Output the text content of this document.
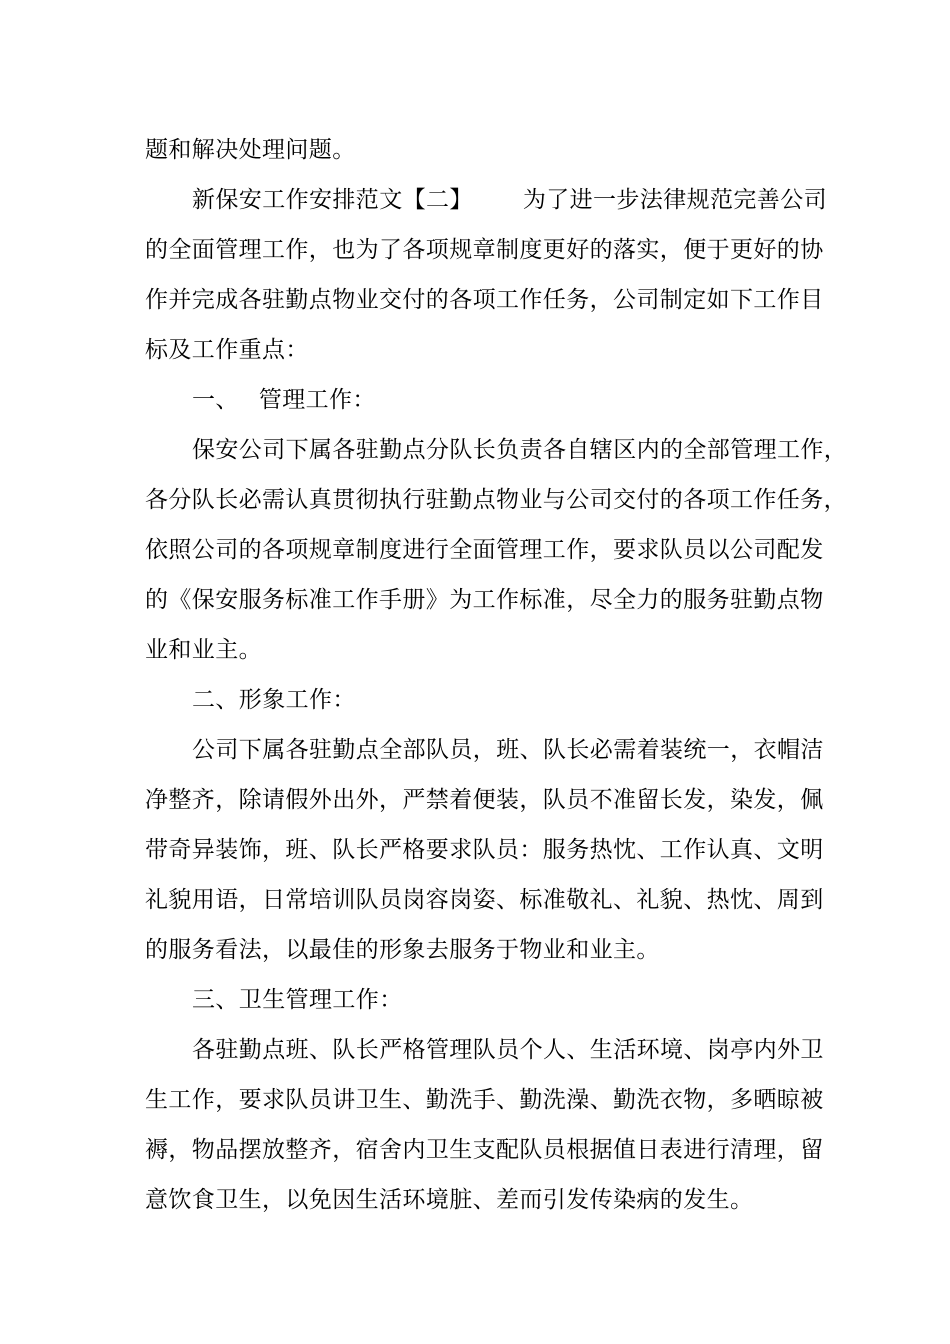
题和解决处理问题。
新保安工作安排范文【二】 为了进一步法律规范完善公司
的全面管理工作，也为了各项规章制度更好的落实，便于更好的协
作并完成各驻勤点物业交付的各项工作任务，公司制定如下工作目
标及工作重点：
一、 管理工作：
保安公司下属各驻勤点分队长负责各自辖区内的全部管理工作，
各分队长必需认真贯彻执行驻勤点物业与公司交付的各项工作任务，
依照公司的各项规章制度进行全面管理工作，要求队员以公司配发
的《保安服务标准工作手册》为工作标准，尽全力的服务驻勤点物
业和业主。
二、形象工作：
公司下属各驻勤点全部队员，班、队长必需着装统一，衣帽洁
净整齐，除请假外出外，严禁着便装，队员不准留长发，染发，佩
带奇异装饰，班、队长严格要求队员：服务热忱、工作认真、文明
礼貌用语，日常培训队员岗容岗姿、标准敬礼、礼貌、热忱、周到
的服务看法，以最佳的形象去服务于物业和业主。
三、卫生管理工作：
各驻勤点班、队长严格管理队员个人、生活环境、岗亭内外卫
生工作，要求队员讲卫生、勤洗手、勤洗澡、勤洗衣物，多晒晾被
褥，物品摆放整齐，宿舍内卫生支配队员根据值日表进行清理，留
意饮食卫生，以免因生活环境脏、差而引发传染病的发生。
